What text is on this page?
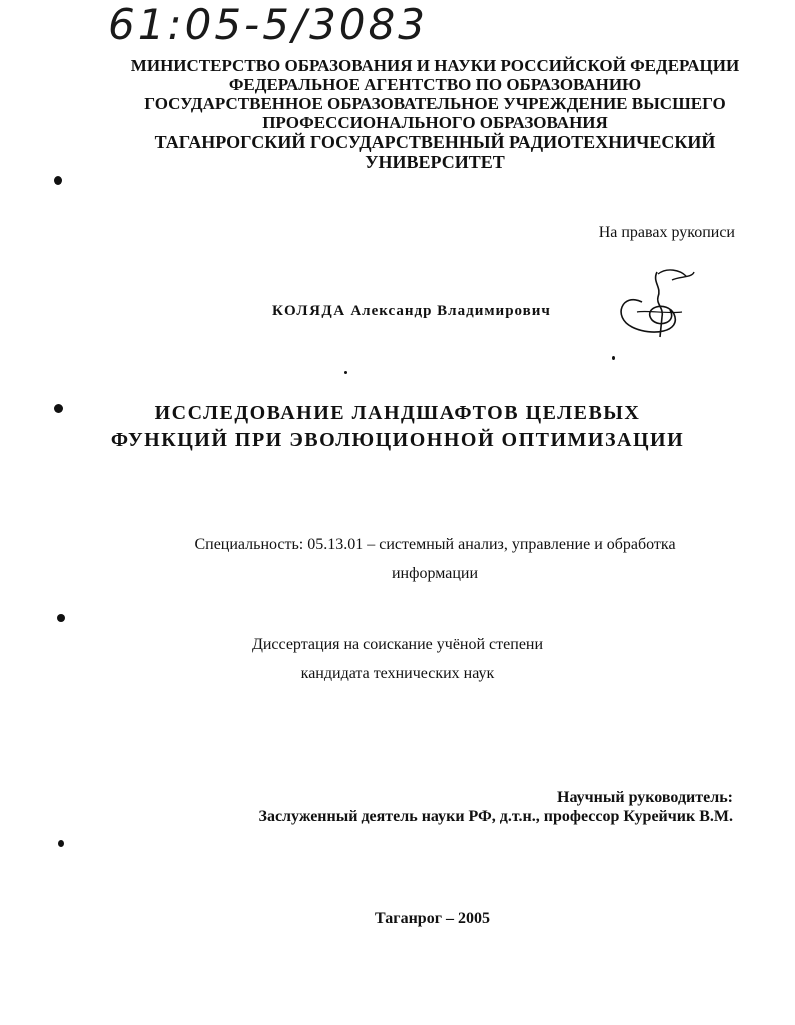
61:05-5/3083
МИНИСТЕРСТВО ОБРАЗОВАНИЯ И НАУКИ РОССИЙСКОЙ ФЕДЕРАЦИИ
ФЕДЕРАЛЬНОЕ АГЕНТСТВО ПО ОБРАЗОВАНИЮ
ГОСУДАРСТВЕННОЕ ОБРАЗОВАТЕЛЬНОЕ УЧРЕЖДЕНИЕ ВЫСШЕГО
ПРОФЕССИОНАЛЬНОГО ОБРАЗОВАНИЯ
ТАГАНРОГСКИЙ ГОСУДАРСТВЕННЫЙ РАДИОТЕХНИЧЕСКИЙ
УНИВЕРСИТЕТ
На правах рукописи
КОЛЯДА Александр Владимирович
ИССЛЕДОВАНИЕ ЛАНДШАФТОВ ЦЕЛЕВЫХ
ФУНКЦИЙ ПРИ ЭВОЛЮЦИОННОЙ ОПТИМИЗАЦИИ
Специальность: 05.13.01 – системный анализ, управление и обработка
информации
Диссертация на соискание учёной степени
кандидата технических наук
Научный руководитель:
Заслуженный деятель науки РФ, д.т.н., профессор Курейчик В.М.
Таганрог – 2005
